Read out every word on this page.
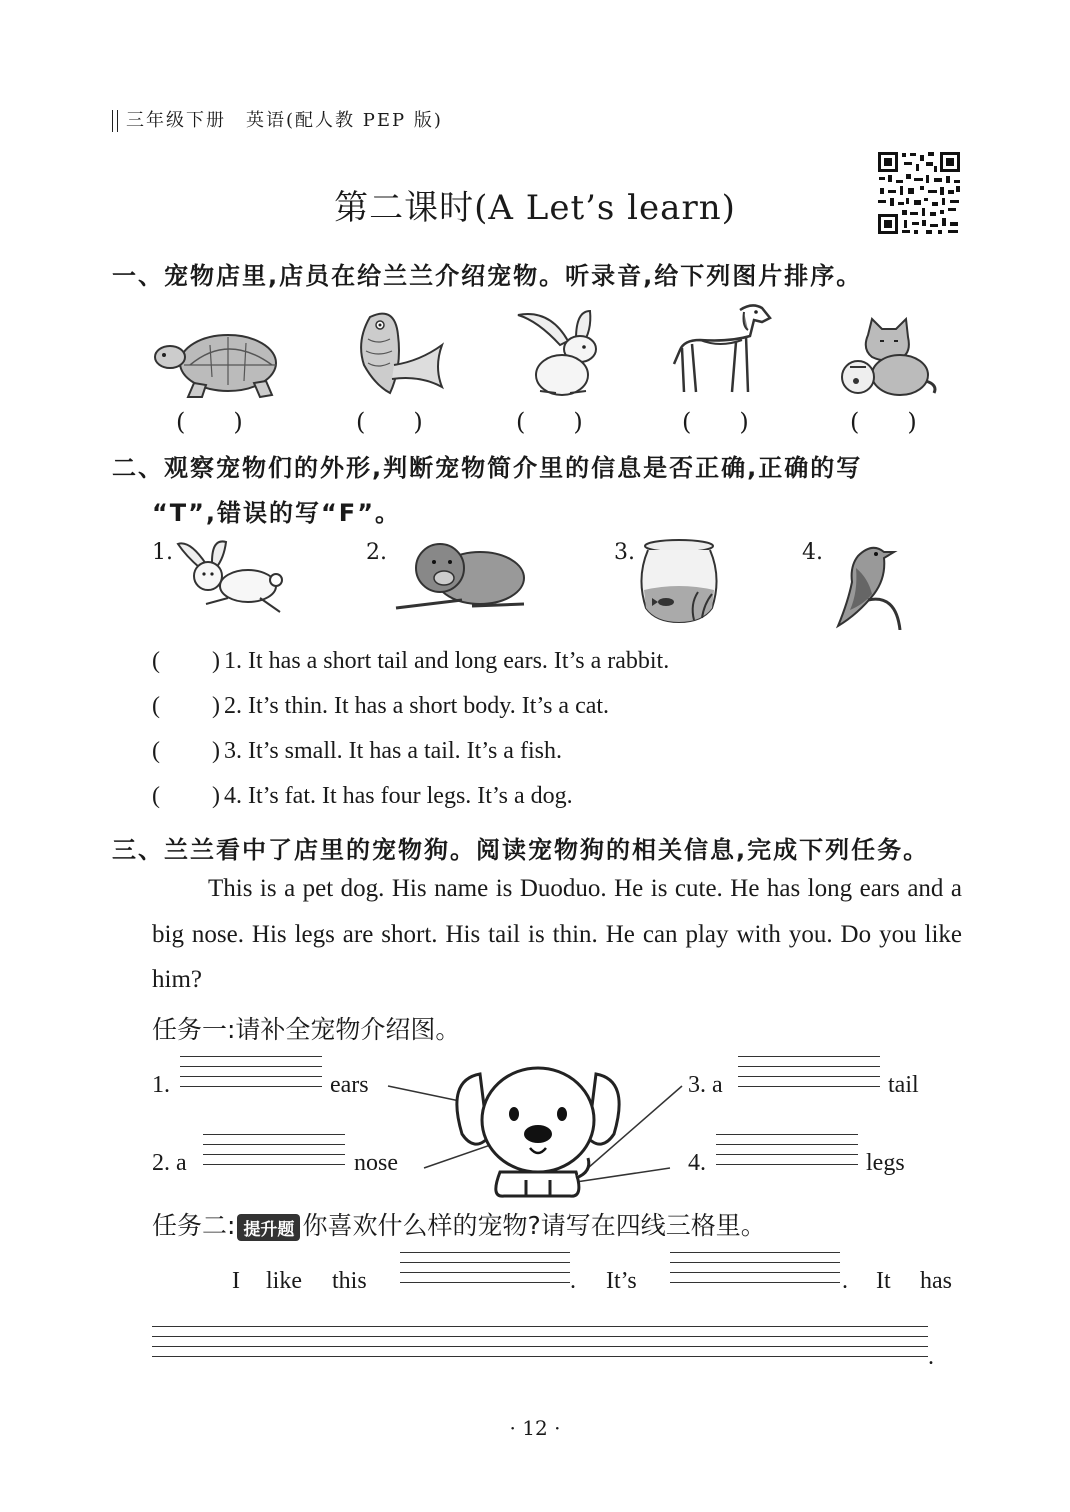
三年级下册　英语(配人教 PEP 版)
第二课时(A Let’s learn)
一、宠物店里,店员在给兰兰介绍宠物。听录音,给下列图片排序。
(　　)	(　　)	(　　)	(　　)	(　　)
二、观察宠物们的外形,判断宠物简介里的信息是否正确,正确的写
“T”,错误的写“F”。
1.	2.	3.	4.
( ) 1. It has a short tail and long ears. It’s a rabbit.
( ) 2. It’s thin. It has a short body. It’s a cat.
( ) 3. It’s small. It has a tail. It’s a fish.
( ) 4. It’s fat. It has four legs. It’s a dog.
三、兰兰看中了店里的宠物狗。阅读宠物狗的相关信息,完成下列任务。
This is a pet dog. His name is Duoduo. He is cute. He has long ears and a big nose. His legs are short. His tail is thin. He can play with you. Do you like him?
任务一:请补全宠物介绍图。
1.	ears
2. a	nose
3. a	tail
4.	legs
任务二: 提升题 你喜欢什么样的宠物?请写在四线三格里。
I like this	. It’s	. It has
.
· 12 ·
